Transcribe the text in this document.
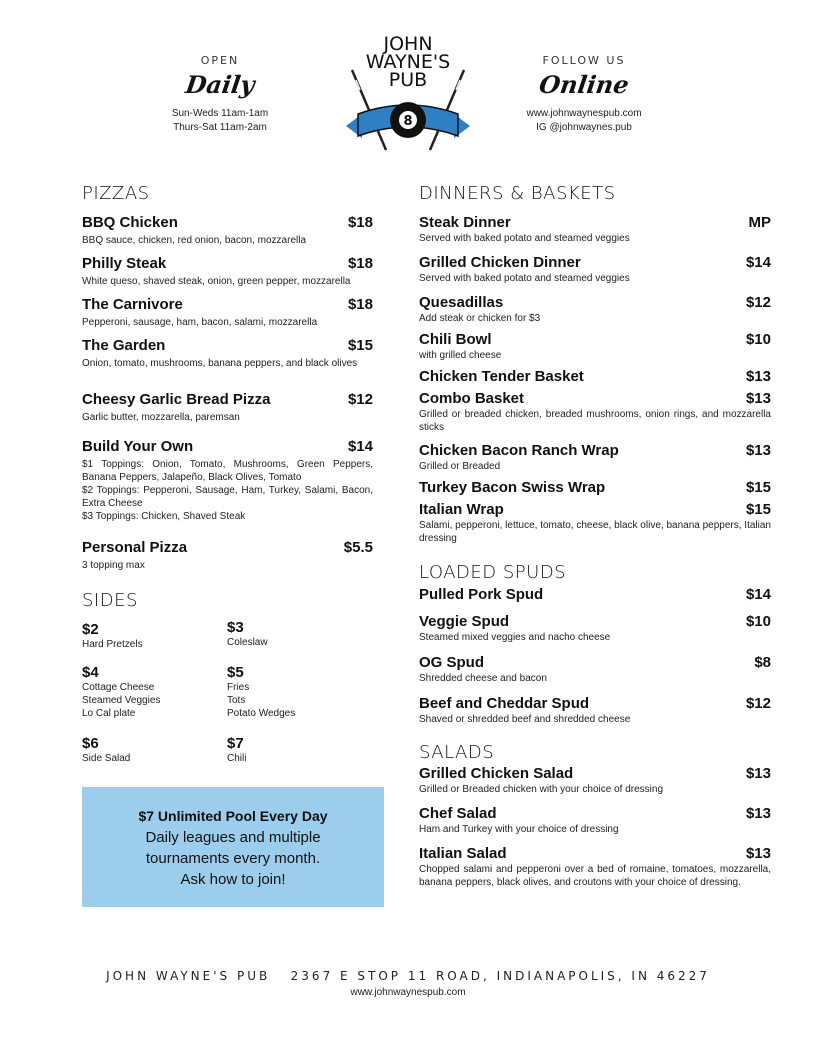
OPEN
Daily
Sun-Weds 11am-1am
Thurs-Sat 11am-2am	8
JOHN
WAYNE'S
PUB
FOLLOW US
Online
www.johnwaynespub.com
IG @johnwaynes.pub
PIZZAS
BBQ Chicken	$18
BBQ sauce, chicken, red onion, bacon, mozzarella
Philly Steak	$18
White queso, shaved steak, onion, green pepper, mozzarella
The Carnivore	$18
Pepperoni, sausage, ham, bacon, salami, mozzarella
The Garden	$15
Onion, tomato, mushrooms, banana peppers, and black olives
Cheesy Garlic Bread Pizza	$12
Garlic butter, mozzarella, paremsan
Build Your Own	$14
$1 Toppings: Onion, Tomato, Mushrooms, Green Peppers, Banana Peppers, Jalapeño, Black Olives, Tomato
$2 Toppings: Pepperoni, Sausage, Ham, Turkey, Salami, Bacon, Extra Cheese
$3 Toppings: Chicken, Shaved Steak
Personal Pizza	$5.5
3 topping max
SIDES
$2
Hard Pretzels
$3
Coleslaw
$4
Cottage Cheese
Steamed Veggies
Lo Cal plate
$5
Fries
Tots
Potato Wedges
$6
Side Salad
$7
Chili
$7 Unlimited Pool Every Day
Daily leagues and multiple
tournaments every month.
Ask how to join!
DINNERS & BASKETS
Steak Dinner	MP
Served with baked potato and steamed veggies
Grilled Chicken Dinner	$14
Served with baked potato and steamed veggies
Quesadillas	$12
Add steak or chicken for $3
Chili Bowl	$10
with grilled cheese
Chicken Tender Basket	$13
Combo Basket	$13
Grilled or breaded chicken, breaded mushrooms, onion rings, and mozzarella sticks
Chicken Bacon Ranch Wrap	$13
Grilled or Breaded
Turkey Bacon Swiss Wrap	$15
Italian Wrap	$15
Salami, pepperoni, lettuce, tomato, cheese, black olive, banana peppers, Italian dressing
LOADED SPUDS
Pulled Pork Spud	$14
Veggie Spud	$10
Steamed mixed veggies and nacho cheese
OG Spud	$8
Shredded cheese and bacon
Beef and Cheddar Spud	$12
Shaved or shredded beef and shredded cheese
SALADS
Grilled Chicken Salad	$13
Grilled or Breaded chicken with your choice of dressing
Chef Salad	$13
Ham and Turkey with your choice of dressing
Italian Salad	$13
Chopped salami and pepperoni over a bed of romaine, tomatoes, mozzarella, banana peppers, black olives, and croutons with your choice of dressing.
JOHN WAYNE'S PUB   2367 E STOP 11 ROAD, INDIANAPOLIS, IN 46227
www.johnwaynespub.com
